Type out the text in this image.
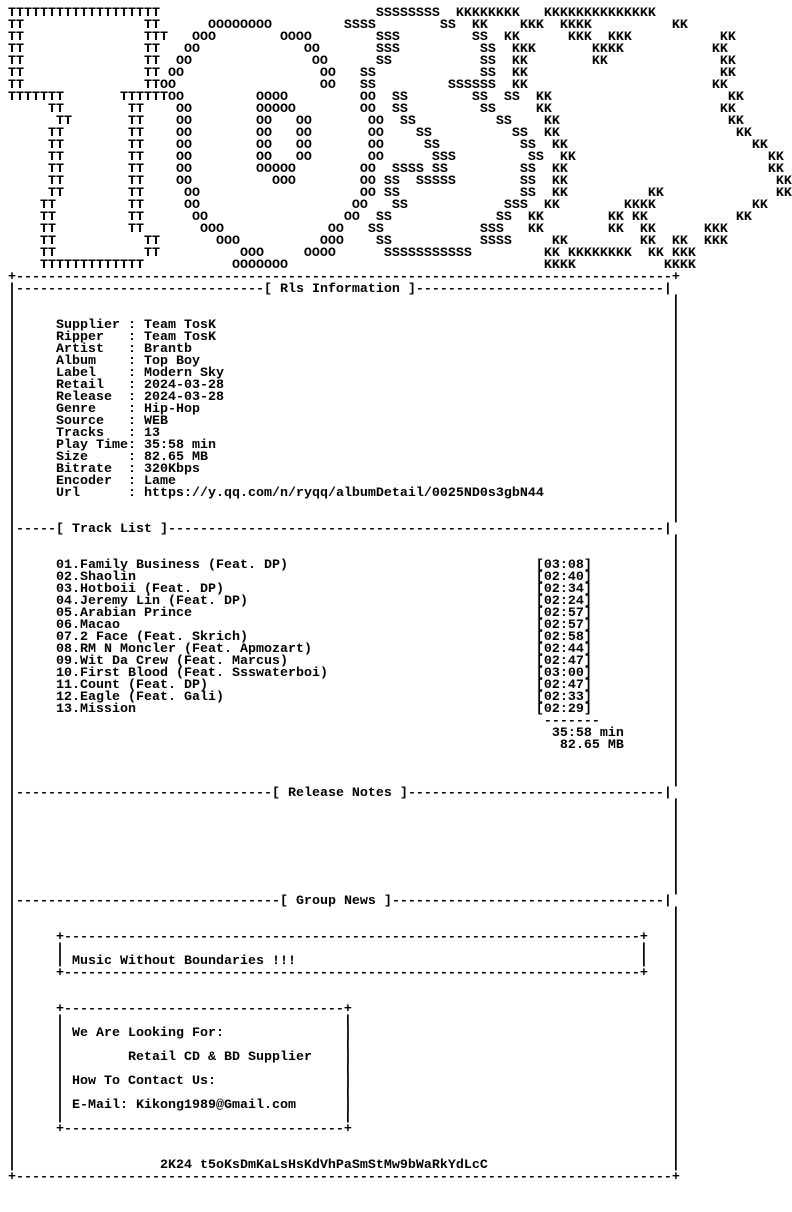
TTTTTTTTTTTTTTTTTTT                           SSSSSSSS  KKKKKKKK   KKKKKKKKKKKKKK
TT               TT      OOOOOOOO         SSSS        SS  KK    KKK  KKKK          KK
TT               TTT   OOO        OOOO        SSS         SS  KK      KKK  KKK           KK
TT               TT   OO             OO       SSS          SS  KKK       KKKK           KK
TT               TT  OO               OO      SS           SS  KK        KK              KK
TT               TT OO                 OO   SS             SS  KK                        KK
TT               TTOO                  OO   SS         SSSSSS  KK                       KK
TTTTTTT       TTTTTTOO         OOOO         OO  SS        SS  SS  KK                      KK
TT        TT    OO        OOOOO        OO  SS         SS     KK                     KK
TT       TT    OO        OO   OO       OO  SS          SS    KK                     KK
TT        TT    OO        OO   OO       OO    SS          SS  KK                      KK
TT        TT    OO        OO   OO       OO     SS          SS  KK                       KK
TT        TT    OO        OO   OO       OO      SSS         SS  KK                        KK
TT        TT    OO        OOOOO        OO  SSSS SS         SS  KK                         KK
TT        TT    OO          OOO        OO SS  SSSSS        SS  KK                          KK
TT        TT     OO                    OO SS               SS  KK          KK              KK
TT         TT     OO                   OO   SS            SSS  KK        KKKK            KK
TT         TT      OO                 OO  SS             SS  KK        KK KK           KK
TT         TT       OOO             OO   SS            SSS   KK        KK  KK      KKK
TT           TT       OOO          OOO    SS           SSSS     KK         KK  KK  KKK
TT           TT          OOO     OOOO      SSSSSSSSSSS         KK KKKKKKKK  KK KKK
TTTTTTTTTTTTT           OOOOOOO                                KKKK           KKKK
+----------------------------------------------------------------------------------+
|-------------------------------[ Rls Information ]-------------------------------|
|                                                                                  |
|                                                                                  |
|     Supplier : Team TosK                                                         |
|     Ripper   : Team TosK                                                         |
|     Artist   : Brantb                                                            |
|     Album    : Top Boy                                                           |
|     Label    : Modern Sky                                                        |
|     Retail   : 2024-03-28                                                        |
|     Release  : 2024-03-28                                                        |
|     Genre    : Hip-Hop                                                           |
|     Source   : WEB                                                               |
|     Tracks   : 13                                                                |
|     Play Time: 35:58 min                                                         |
|     Size     : 82.65 MB                                                          |
|     Bitrate  : 320Kbps                                                           |
|     Encoder  : Lame                                                              |
|     Url      : https://y.qq.com/n/ryqq/albumDetail/0025ND0s3gbN44                |
|                                                                                  |
|                                                                                  |
|-----[ Track List ]--------------------------------------------------------------|
|                                                                                  |
|                                                                                  |
|     01.Family Business (Feat. DP)	[03:08]          |
|     02.Shaolin	[02:40]          |
|     03.Hotboii (Feat. DP)	[02:34]          |
|     04.Jeremy Lin (Feat. DP)	[02:24]          |
|     05.Arabian Prince	[02:57]          |
|     06.Macao	[02:57]          |
|     07.2 Face (Feat. Skrich)	[02:58]          |
|     08.RM N Moncler (Feat. Apmozart)	[02:44]          |
|     09.Wit Da Crew (Feat. Marcus)	[02:47]          |
|     10.First Blood (Feat. Ssswaterboi)	[03:00]          |
|     11.Count (Feat. DP)	[02:47]          |
|     12.Eagle (Feat. Gali)	[02:33]          |
|     13.Mission	[02:29]          |
|                                                                  -------         |
|                                                                   35:58 min      |
|                                                                    82.65 MB      |
|                                                                                  |
|                                                                                  |
|                                                                                  |
|--------------------------------[ Release Notes ]--------------------------------|
|                                                                                  |
|                                                                                  |
|                                                                                  |
|                                                                                  |
|                                                                                  |
|                                                                                  |
|                                                                                  |
|                                                                                  |
|---------------------------------[ Group News ]----------------------------------|
|                                                                                  |
|                                                                                  |
|     +------------------------------------------------------------------------+   |
|     |                                                                        |   |
|     | Music Without Boundaries !!!                                           |   |
|     +------------------------------------------------------------------------+   |
|                                                                                  |
|                                                                                  |
|     +-----------------------------------+                                        |
|     |                                   |                                        |
|     | We Are Looking For:               |                                        |
|     |                                   |                                        |
|     |        Retail CD & BD Supplier    |                                        |
|     |                                   |                                        |
|     | How To Contact Us:                |                                        |
|     |                                   |                                        |
|     | E-Mail: Kikong1989@Gmail.com      |                                        |
|     |                                   |                                        |
|     +-----------------------------------+                                        |
|                                                                                  |
|                                                                                  |
|                  2K24 t5oKsDmKaLsHsKdVhPaSmStMw9bWaRkYdLcC                       |
+----------------------------------------------------------------------------------+
